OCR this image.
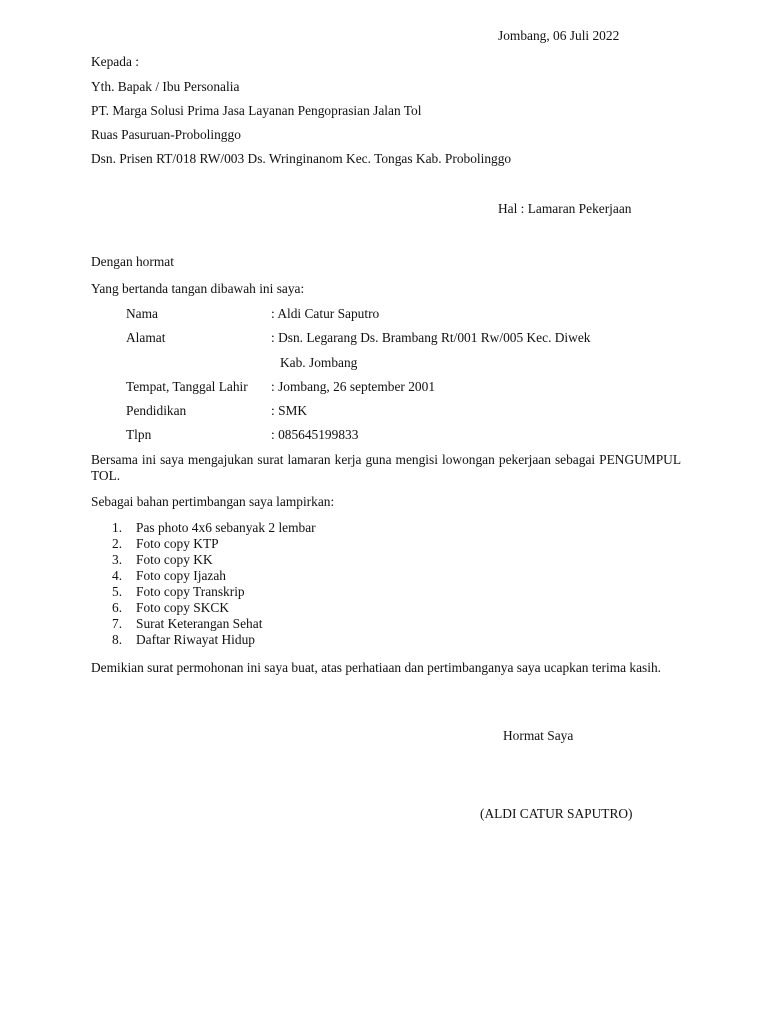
Jombang, 06 Juli 2022
Kepada :
Yth. Bapak / Ibu Personalia
PT. Marga Solusi Prima Jasa Layanan Pengoprasian Jalan Tol
Ruas Pasuruan-Probolinggo
Dsn. Prisen RT/018 RW/003 Ds. Wringinanom Kec. Tongas Kab. Probolinggo
Hal : Lamaran Pekerjaan
Dengan hormat
Yang bertanda tangan dibawah ini saya:
Nama	: Aldi Catur Saputro
Alamat	: Dsn. Legarang Ds. Brambang Rt/001 Rw/005 Kec. Diwek
Kab. Jombang
Tempat, Tanggal Lahir : Jombang, 26 september 2001
Pendidikan	: SMK
Tlpn	: 085645199833
Bersama ini saya mengajukan surat lamaran kerja guna mengisi lowongan pekerjaan sebagai PENGUMPUL TOL.
Sebagai bahan pertimbangan saya lampirkan:
1. Pas photo 4x6 sebanyak 2 lembar
2. Foto copy KTP
3. Foto copy KK
4. Foto copy Ijazah
5. Foto copy Transkrip
6. Foto copy SKCK
7. Surat Keterangan Sehat
8. Daftar Riwayat Hidup
Demikian surat permohonan ini saya buat, atas perhatiaan dan pertimbanganya saya ucapkan terima kasih.
Hormat Saya
(ALDI CATUR SAPUTRO)
